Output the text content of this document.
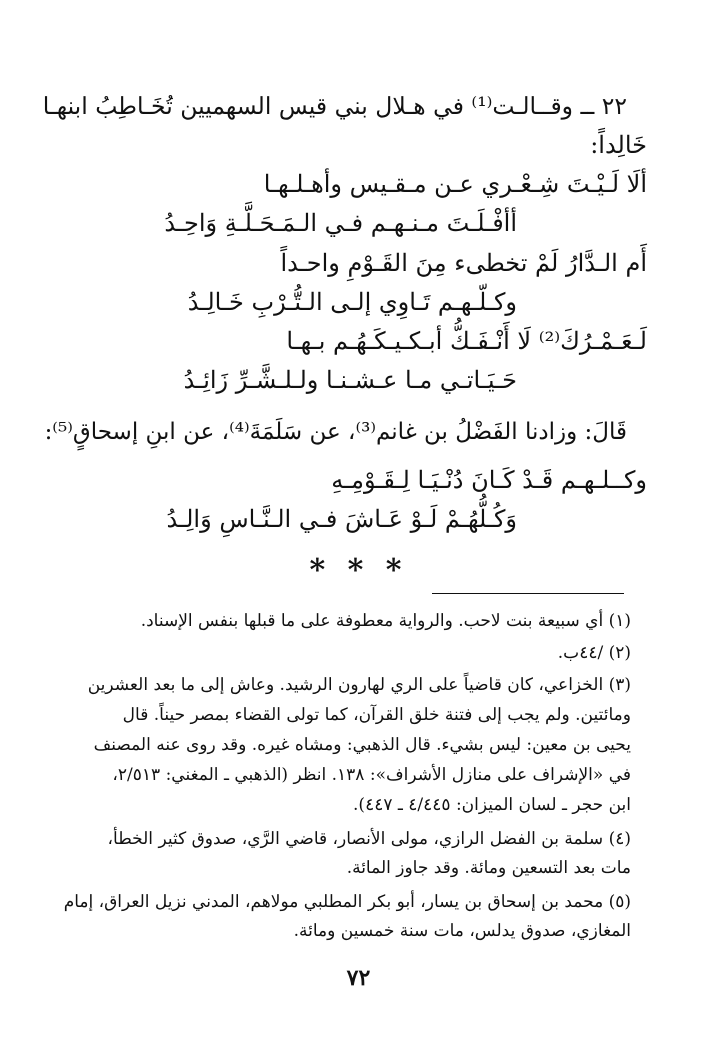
٢٢ ــ وقــالـت⁽¹⁾ في هـلال بني قيس السهميين تُخَـاطِبُ ابنهـا
خَالِداً:
ألَا لَـيْـتَ شِـعْـري عـن مـقـيس وأهـلـهـا
أأفْـلَـتَ مـنـهـم فـي الـمَـحَـلَّـةِ وَاحِـدُ
أَم الـدَّارُ لَمْ تخطىء مِنَ القَـوْمِ واحـداً
وكـلّـهـم تَـاوِي إلـى الـتُّـرْبِ خَـالِـدُ
لَـعَـمْـرُكَ⁽²⁾ لَا أَنْـفَـكُّ أبـكـيـكَـهُـم بـهـا
حَـيَـاتـي مـا عـشـنـا ولـلـشَّـرِّ زَائِـدُ
قَالَ: وزادنا الفَضْلُ بن غانم⁽³⁾، عن سَلَمَةَ⁽⁴⁾، عن ابنِ إسحاقٍ⁽⁵⁾:
وكــلـهـم قَـدْ كَـانَ دُنْـيَـا لِـقَـوْمِـهِ
وَكُـلُّهُـمْ لَـوْ عَـاشَ فـي الـنَّـاسِ وَالِـدُ
* * *
(١) أي سبيعة بنت لاحب. والرواية معطوفة على ما قبلها بنفس الإسناد.
(٢) /٤٤ب.
(٣) الخزاعي، كان قاضياً على الري لهارون الرشيد. وعاش إلى ما بعد العشرين
ومائتين. ولم يجب إلى فتنة خلق القرآن، كما تولى القضاء بمصر حيناً. قال
يحيى بن معين: ليس بشيء. قال الذهبي: ومشاه غيره. وقد روى عنه المصنف
في «الإشراف على منازل الأشراف»: ١٣٨. انظر (الذهبي ـ المغني: ٢/٥١٣،
ابن حجر ـ لسان الميزان: ٤/٤٤٥ ـ ٤٤٧).
(٤) سلمة بن الفضل الرازي، مولى الأنصار، قاضي الرَّي، صدوق كثير الخطأ،
مات بعد التسعين ومائة. وقد جاوز المائة.
(٥) محمد بن إسحاق بن يسار، أبو بكر المطلبي مولاهم، المدني نزيل العراق، إمام
المغازي، صدوق يدلس، مات سنة خمسين ومائة.
٧٢
